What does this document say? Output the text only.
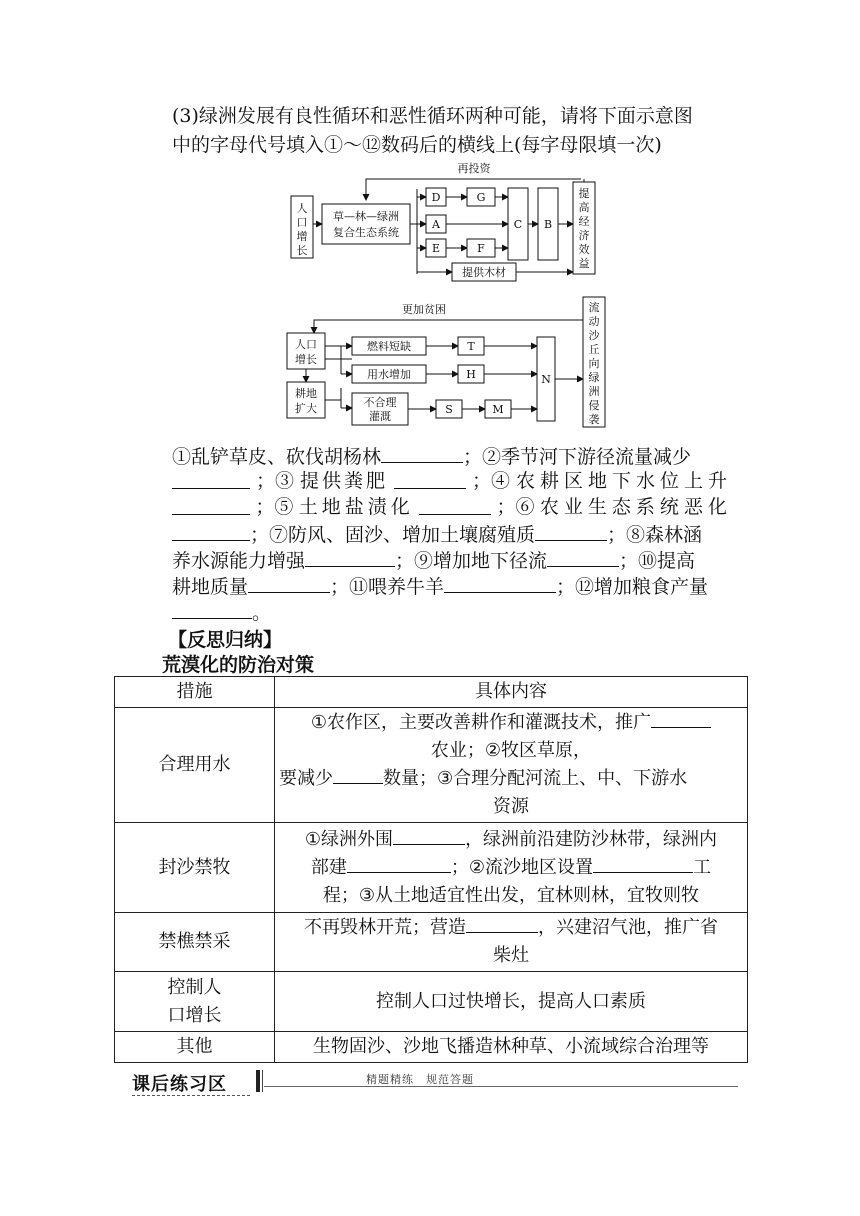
(3)绿洲发展有良性循环和恶性循环两种可能，请将下面示意图
中的字母代号填入①～⑫数码后的横线上(每字母限填一次)
再投资
人
口
增
长
草—林—绿洲
复合生态系统
D	G
A
E	F
C B
提供木材
提
高
经
济
效
益
更加贫困
人口
增长
耕地
扩大
燃料短缺	T
用水增加	H	N
不合理
灌溉
S	M
流
动
沙
丘
向
绿
洲
侵
袭
①乱铲草皮、砍伐胡杨林	；②季节河下游径流量减少
；③ 提供粪肥	；④ 农耕区地下水位上升
；⑤ 土地盐渍化	；⑥ 农业生态系统恶化
；⑦防风、固沙、增加土壤腐殖质	；⑧森林涵
养水源能力增强	；⑨增加地下径流	；⑩提高
耕地质量	；⑪喂养牛羊	；⑫增加粮食产量
。
【反思归纳】
荒漠化的防治对策
措施	具体内容
合理用水	①农作区，主要改善耕作和灌溉技术，推广
农业；②牧区草原，
要减少 数量；③合理分配河流上、中、下游水
资源

封沙禁牧	①绿洲外围 ，绿洲前沿建防沙林带，绿洲内
部建 ；②流沙地区设置 工
程；③从土地适宜性出发，宜林则林，宜牧则牧

禁樵禁采	不再毁林开荒；营造 ，兴建沼气池，推广省
柴灶

控制人
口增长	控制人口过快增长，提高人口素质
其他	生物固沙、沙地飞播造林种草、小流域综合治理等
课后练习区	精题精练　规范答题
